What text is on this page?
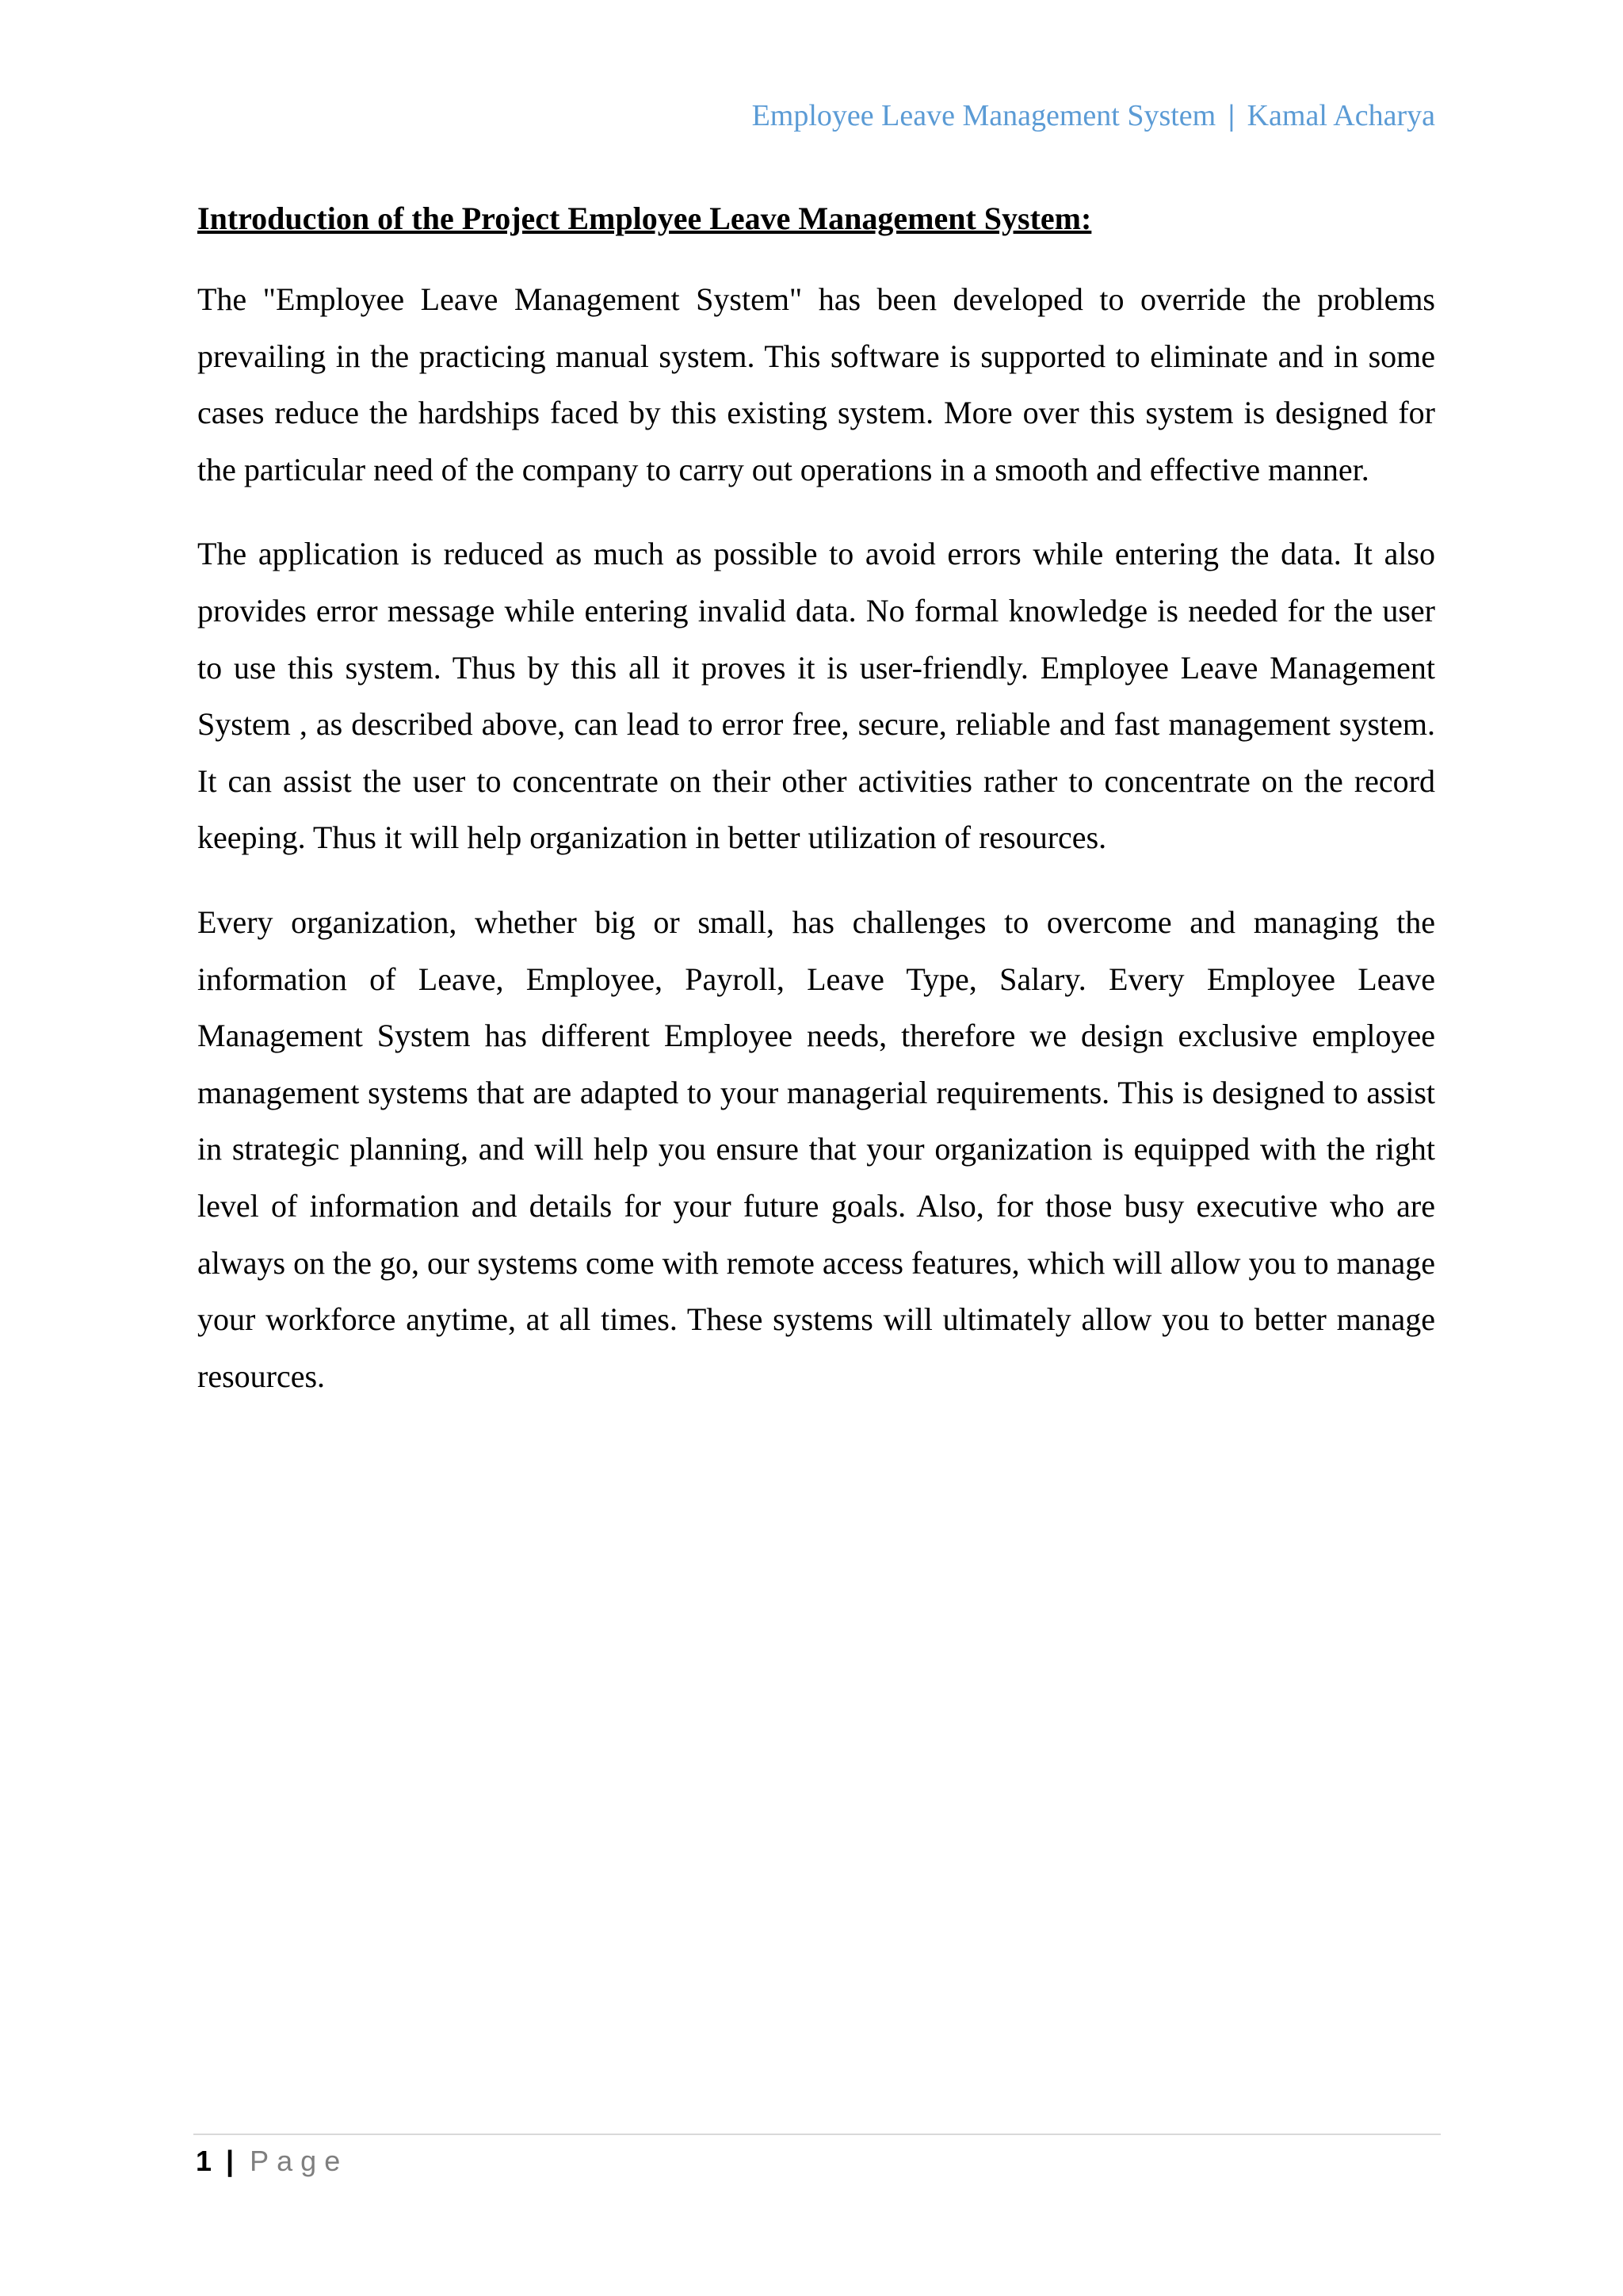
Employee Leave Management System | Kamal Acharya
Introduction of the Project Employee Leave Management System:

The "Employee Leave Management System" has been developed to override the problems prevailing in the practicing manual system. This software is supported to eliminate and in some cases reduce the hardships faced by this existing system. More over this system is designed for the particular need of the company to carry out operations in a smooth and effective manner.

The application is reduced as much as possible to avoid errors while entering the data. It also provides error message while entering invalid data. No formal knowledge is needed for the user to use this system. Thus by this all it proves it is user-friendly. Employee Leave Management System , as described above, can lead to error free, secure, reliable and fast management system. It can assist the user to concentrate on their other activities rather to concentrate on the record keeping. Thus it will help organization in better utilization of resources.

Every organization, whether big or small, has challenges to overcome and managing the information of Leave, Employee, Payroll, Leave Type, Salary. Every Employee Leave Management System has different Employee needs, therefore we design exclusive employee management systems that are adapted to your managerial requirements. This is designed to assist in strategic planning, and will help you ensure that your organization is equipped with the right level of information and details for your future goals. Also, for those busy executive who are always on the go, our systems come with remote access features, which will allow you to manage your workforce anytime, at all times. These systems will ultimately allow you to better manage resources.

1 | Page
